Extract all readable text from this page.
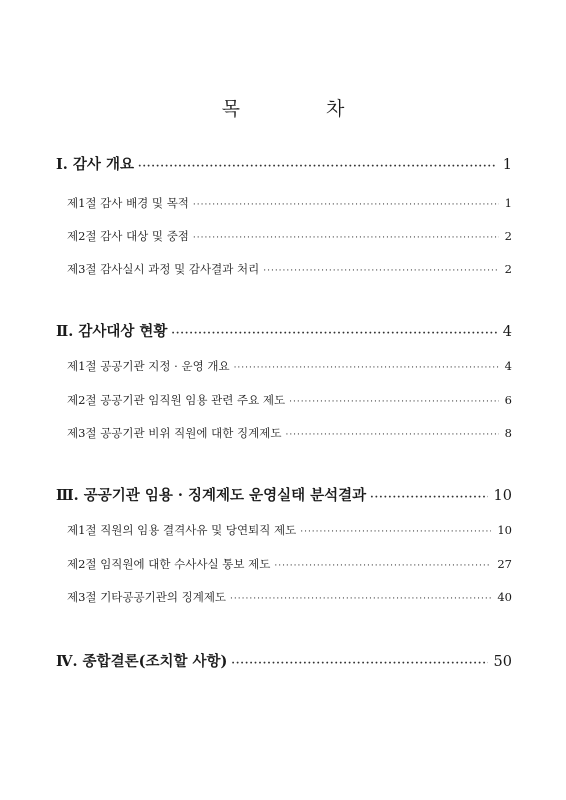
목	차
Ⅰ. 감사 개요 ·····	1
제1절 감사 배경 및 목적 ·····	1
제2절 감사 대상 및 중점 ·····	2
제3절 감사실시 과정 및 감사결과 처리 ·····	2
Ⅱ. 감사대상 현황 ·····	4
제1절 공공기관 지정 · 운영 개요 ·····	4
제2절 공공기관 임직원 임용 관련 주요 제도 ·····	6
제3절 공공기관 비위 직원에 대한 징계제도 ·····	8
Ⅲ. 공공기관 임용 · 징계제도 운영실태 분석결과 ·····	10
제1절 직원의 임용 결격사유 및 당연퇴직 제도 ·····	10
제2절 임직원에 대한 수사사실 통보 제도 ·····	27
제3절 기타공공기관의 징계제도 ·····	40
Ⅳ. 종합결론(조치할 사항) ·····	50
